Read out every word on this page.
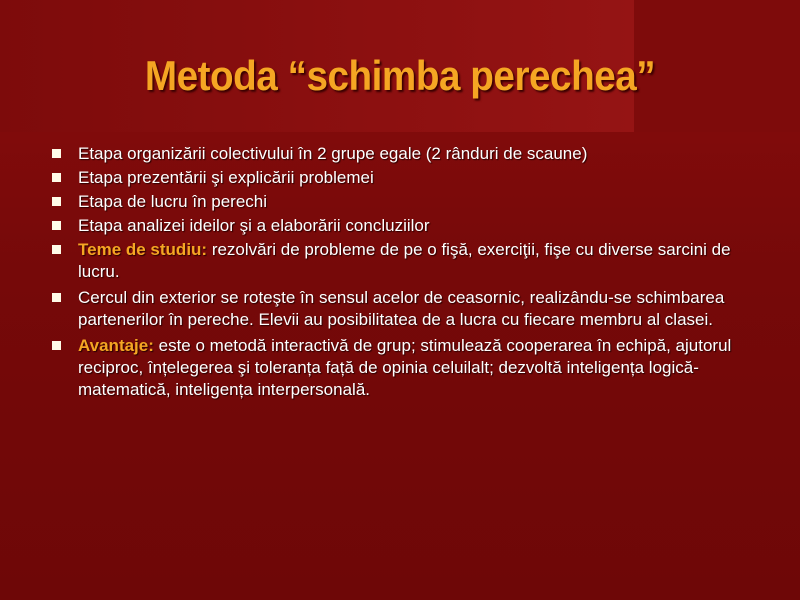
Metoda “schimba perechea”
Etapa organizării colectivului în 2 grupe egale (2 rânduri de scaune)
Etapa prezentării şi explicării problemei
Etapa de lucru în perechi
Etapa analizei ideilor şi a elaborării concluziilor
Teme de studiu: rezolvări de probleme de pe o fişă, exerciţii, fişe cu diverse sarcini de lucru.
Cercul din exterior se roteşte în sensul acelor de ceasornic, realizându-se schimbarea partenerilor în pereche. Elevii au posibilitatea de a lucra cu fiecare membru al clasei.
Avantaje: este o metodă interactivă de grup; stimulează cooperarea în echipă, ajutorul reciproc, înțelegerea şi toleranța față de opinia celuilalt; dezvoltă inteligența logică-matematică, inteligența interpersonală.
